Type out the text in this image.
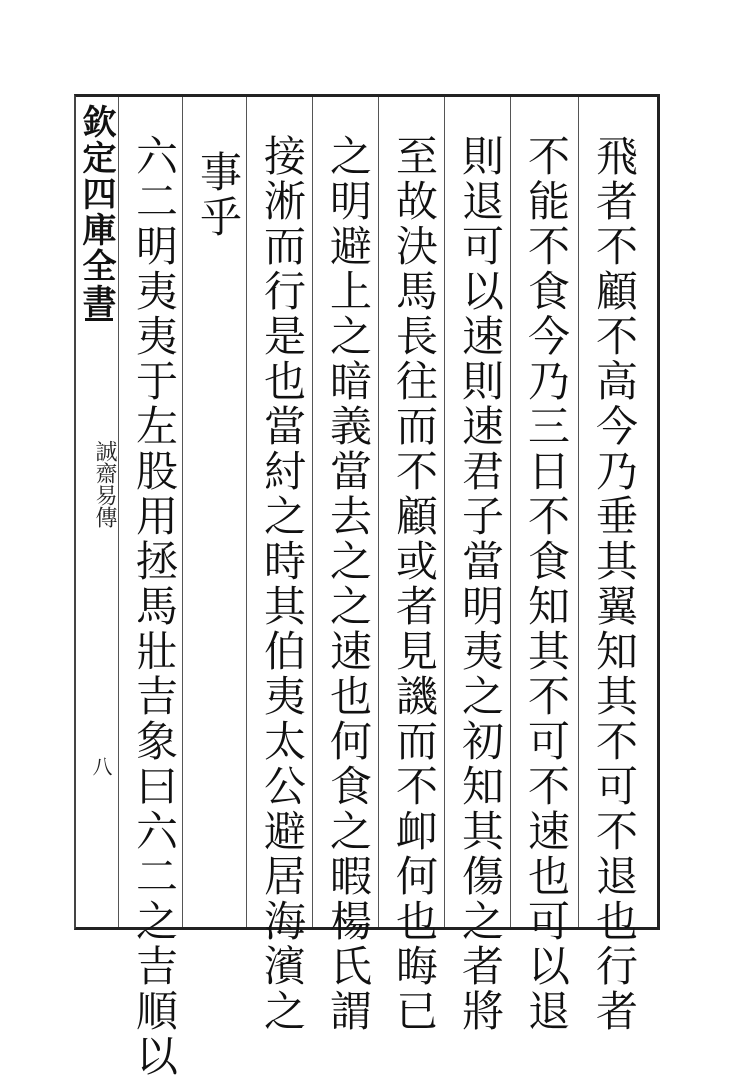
欽定四庫全書
誠齋易傳
八	飛者不顧不高今乃垂其翼知其不可不退也行者
不能不食今乃三日不食知其不可不速也可以退
則退可以速則速君子當明夷之初知其傷之者將
至故決馬長往而不顧或者見譏而不卹何也晦已
之明避上之暗義當去之之速也何食之暇楊氏謂
接淅而行是也當紂之時其伯夷太公避居海濱之
事乎
六二明夷夷于左股用拯馬壯吉象曰六二之吉順以
